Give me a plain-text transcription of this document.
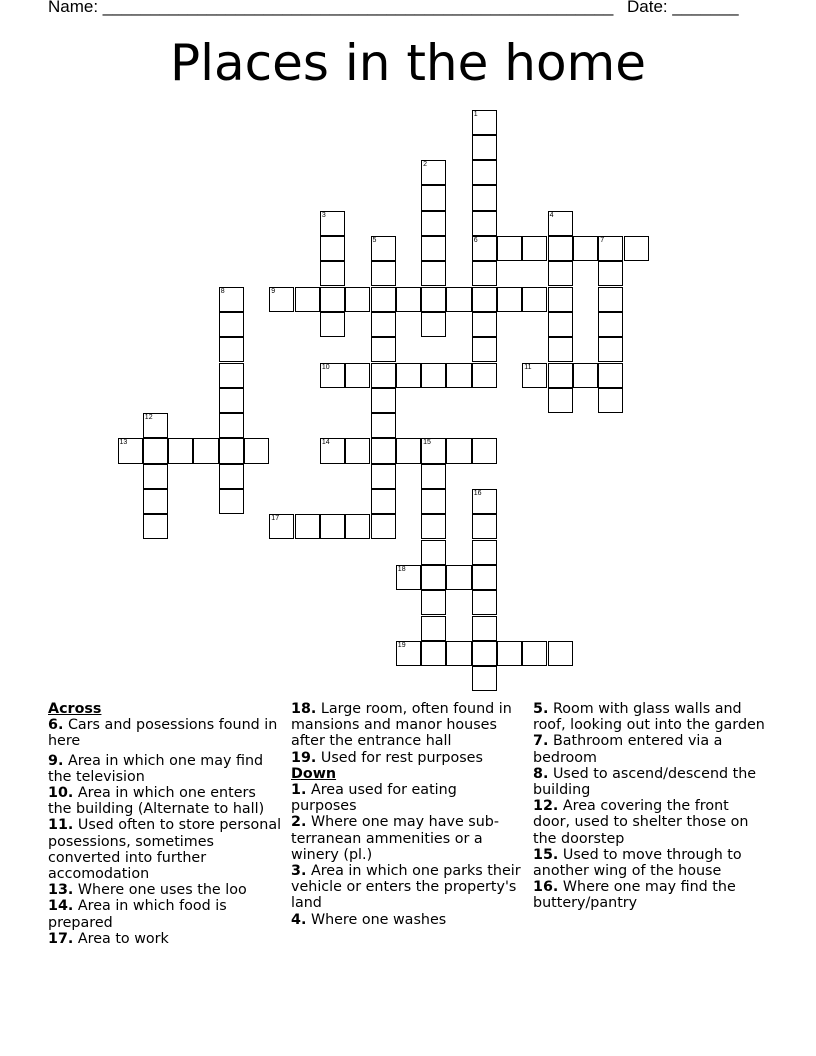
Name: ______________________________________________________ Date: _______
Places in the home
1
6
2
3	4
5	7
8	9
10	11
12
13	14	15
16
17
18
19
Across
6. Cars and posessions found in here
9. Area in which one may find the television
10. Area in which one enters the building (Alternate to hall)
11. Used often to store personal posessions, sometimes converted into further accomodation
13. Where one uses the loo
14. Area in which food is prepared
17. Area to work
18. Large room, often found in mansions and manor houses after the entrance hall
19. Used for rest purposes
Down
1. Area used for eating purposes
2. Where one may have sub-terranean ammenities or a winery (pl.)
3. Area in which one parks their vehicle or enters the property's land
4. Where one washes
5. Room with glass walls and roof, looking out into the garden
7. Bathroom entered via a bedroom
8. Used to ascend/descend the building
12. Area covering the front door, used to shelter those on the doorstep
15. Used to move through to another wing of the house
16. Where one may find the buttery/pantry
